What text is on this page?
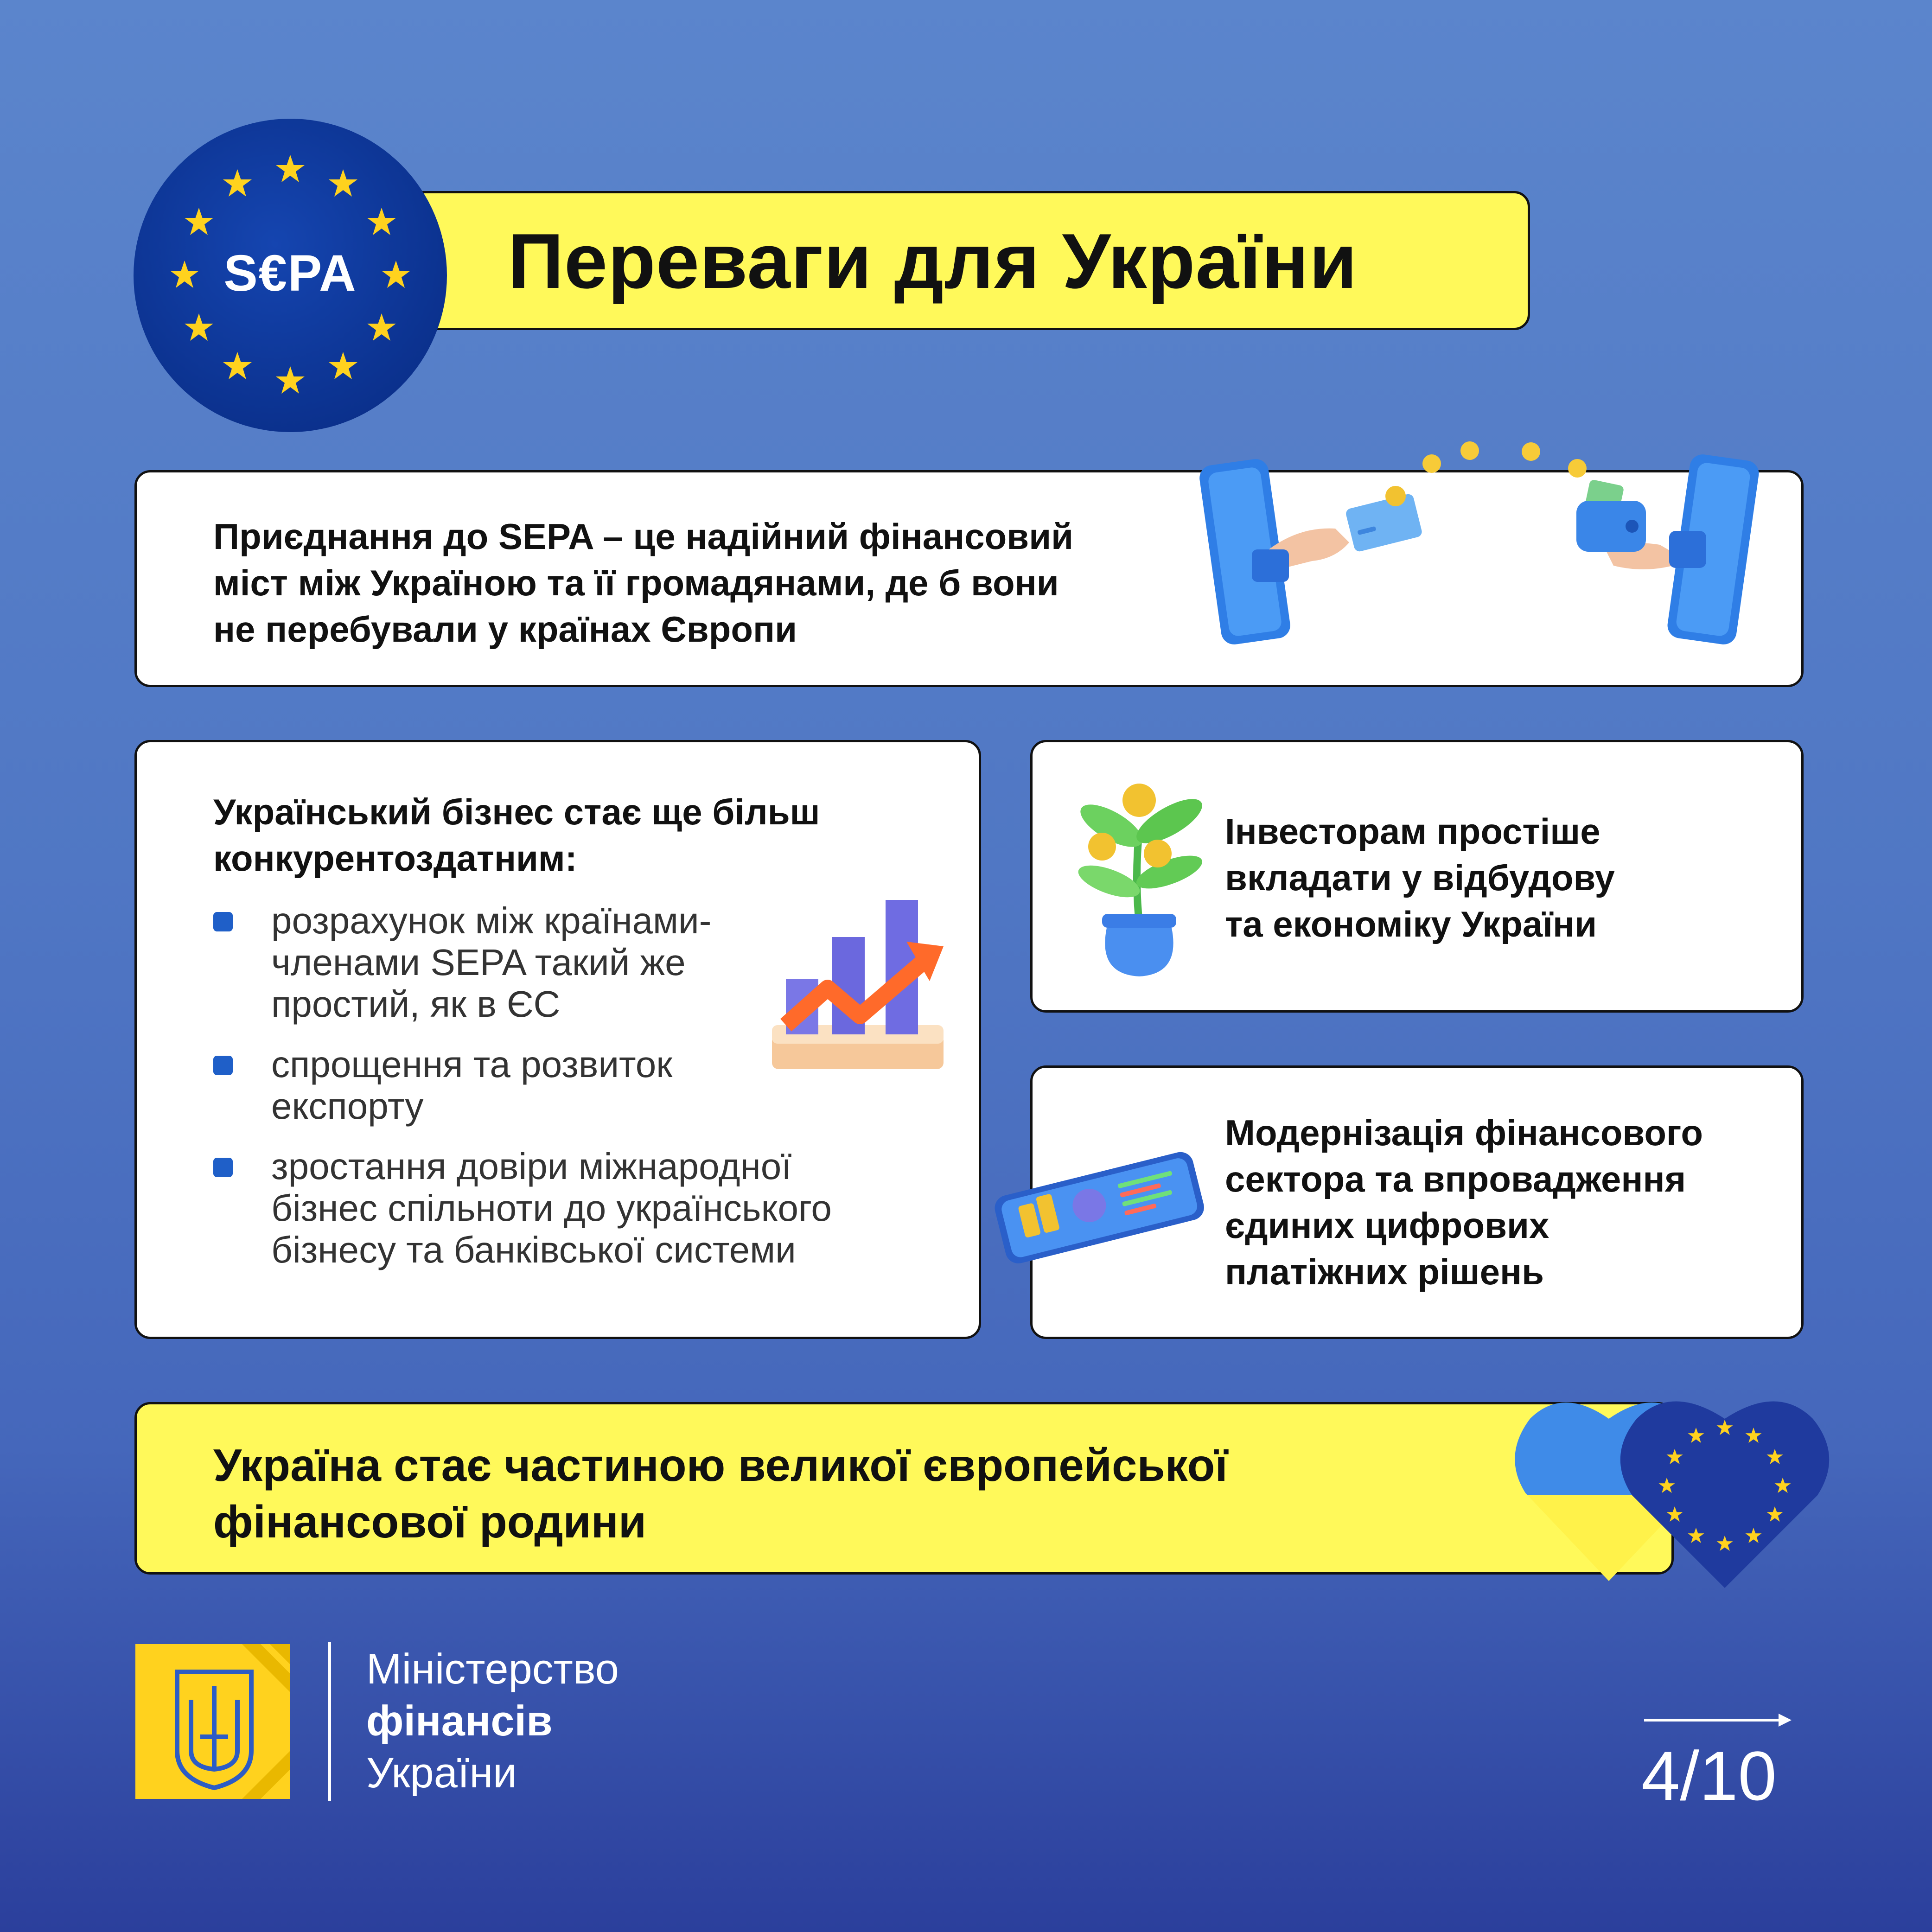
Переваги для України
S€PA
Приєднання до SEPA – це надійний фінансовий
міст між Україною та її громадянами, де б вони
не перебували у країнах Європи
Український бізнес стає ще більш
конкурентоздатним:
розрахунок між країнами-
членами SEPA такий же
простий, як в ЄС
спрощення та розвиток
експорту
зростання довіри міжнародної
бізнес спільноти до українського
бізнесу та банківської системи
Інвесторам простіше
вкладати у відбудову
та економіку України
Модернізація фінансового
сектора та впровадження
єдиних цифрових
платіжних рішень
Україна стає частиною великої європейської
фінансової родини
Міністерство
фінансів
України	4/10
